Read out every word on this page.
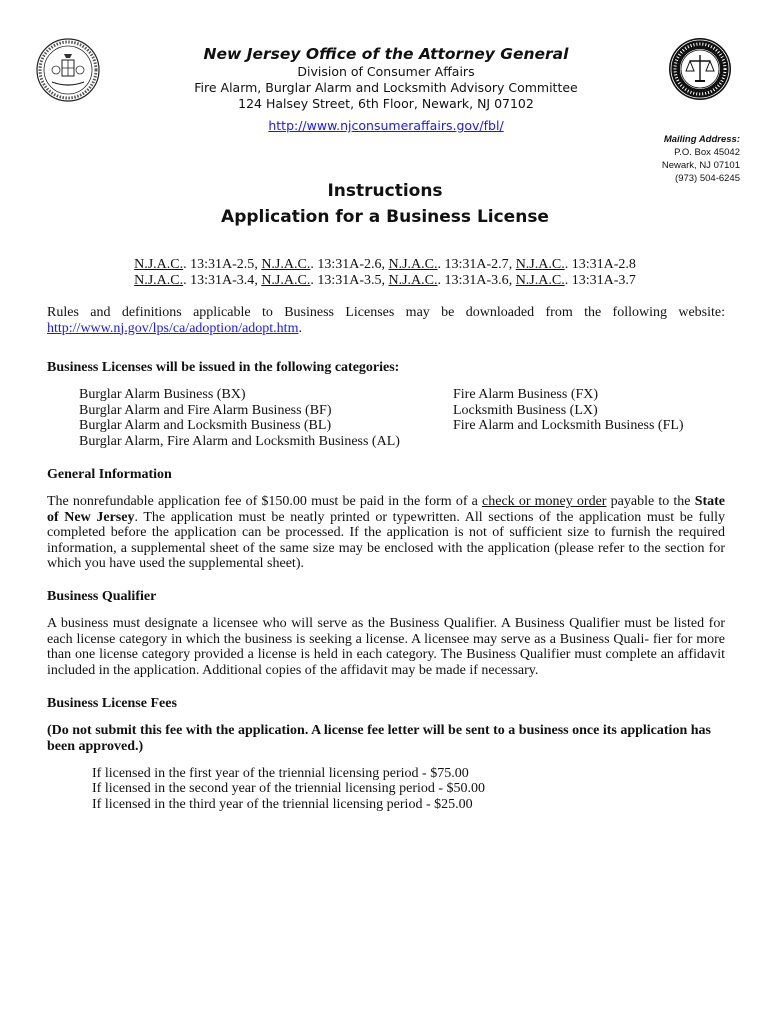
New Jersey Office of the Attorney General
Division of Consumer Affairs
Fire Alarm, Burglar Alarm and Locksmith Advisory Committee
124 Halsey Street, 6th Floor, Newark, NJ 07102
http://www.njconsumeraffairs.gov/fbl/
Mailing Address:
P.O. Box 45042
Newark, NJ 07101
(973) 504-6245
Instructions
Application for a Business License
N.J.A.C.. 13:31A-2.5, N.J.A.C.. 13:31A-2.6, N.J.A.C.. 13:31A-2.7, N.J.A.C.. 13:31A-2.8
N.J.A.C.. 13:31A-3.4, N.J.A.C.. 13:31A-3.5, N.J.A.C.. 13:31A-3.6, N.J.A.C.. 13:31A-3.7

Rules and definitions applicable to Business Licenses may be downloaded from the following website: http://www.nj.gov/lps/ca/adoption/adopt.htm.

Business Licenses will be issued in the following categories:
Burglar Alarm Business (BX)
Burglar Alarm and Fire Alarm Business (BF)
Burglar Alarm and Locksmith Business (BL)
Burglar Alarm, Fire Alarm and Locksmith Business (AL)
Fire Alarm Business (FX)
Locksmith Business (LX)
Fire Alarm and Locksmith Business (FL)
General Information

The nonrefundable application fee of $150.00 must be paid in the form of a check or money order payable to the State of New Jersey. The application must be neatly printed or typewritten. All sections of the application must be fully completed before the application can be processed. If the application is not of sufficient size to furnish the required information, a supplemental sheet of the same size may be enclosed with the application (please refer to the section for which you have used the supplemental sheet).

Business Qualifier

A business must designate a licensee who will serve as the Business Qualifier. A Business Qualifier must be listed for each license category in which the business is seeking a license. A licensee may serve as a Business Quali- fier for more than one license category provided a license is held in each category. The Business Qualifier must complete an affidavit included in the application. Additional copies of the affidavit may be made if necessary.

Business License Fees

(Do not submit this fee with the application. A license fee letter will be sent to a business once its application has been approved.)

If licensed in the first year of the triennial licensing period - $75.00
If licensed in the second year of the triennial licensing period - $50.00
If licensed in the third year of the triennial licensing period - $25.00
